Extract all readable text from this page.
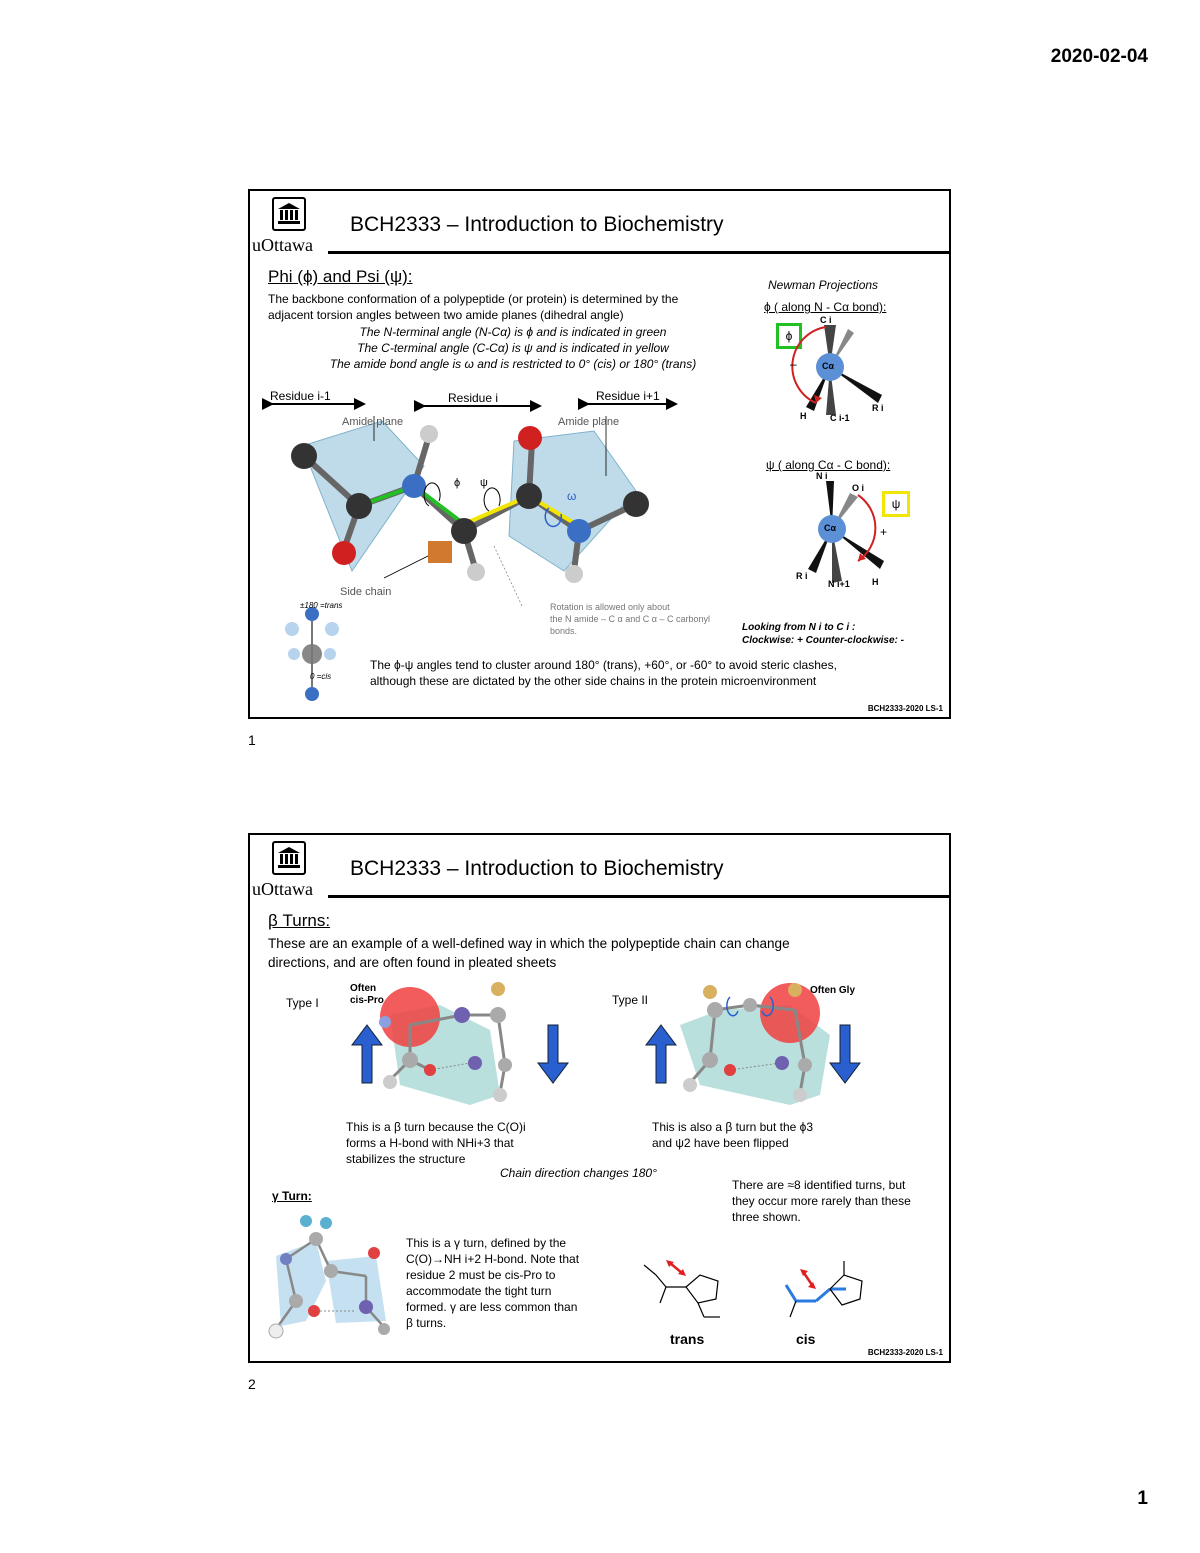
2020-02-04
uOttawa
BCH2333 – Introduction to Biochemistry
Phi (ϕ) and Psi (ψ):
The backbone conformation of a polypeptide (or protein) is determined by the
adjacent torsion angles between two amide planes (dihedral angle)
The N-terminal angle (N-Cα) is ϕ and is indicated in green
The C-terminal angle (C-Cα) is ψ and is indicated in yellow
The amide bond angle is ω and is restricted to 0° (cis) or 180° (trans)
Residue i-1	Residue i	Residue i+1
Amide plane	Amide plane
Side chain
ϕ ψ
ω
Rotation is allowed only about
the N amide – C α and C α – C carbonyl
bonds.
±180 =trans
0 =cis
The ϕ-ψ angles tend to cluster around 180° (trans), +60°, or -60° to avoid steric clashes,
although these are dictated by the other side chains in the protein microenvironment
Newman Projections
ϕ ( along N - Cα bond):
ϕ
C i
H	C i-1
R i
Cα
–
ψ ( along Cα - C bond):
ψ
N i
O i
R i
N i+1 H
Cα	+
Looking from N i to C i :
Clockwise: + Counter-clockwise: -
BCH2333-2020 LS-1
1
uOttawa
BCH2333 – Introduction to Biochemistry
β Turns:
These are an example of a well-defined way in which the polypeptide chain can change
directions, and are often found in pleated sheets
Type I
Often cis-Pro	Type II
Often Gly
This is a β turn because the C(O)i
forms a H-bond with NHi+3 that
stabilizes the structure
This is also a β turn but the ϕ3
and ψ2 have been flipped
Chain direction changes 180°
There are ≈8 identified turns, but
they occur more rarely than these
three shown.
γ Turn:
This is a γ turn, defined by the
C(O)→NH i+2 H-bond. Note that
residue 2 must be cis-Pro to
accommodate the tight turn
formed. γ are less common than
β turns.
trans	cis
BCH2333-2020 LS-1
2
1
